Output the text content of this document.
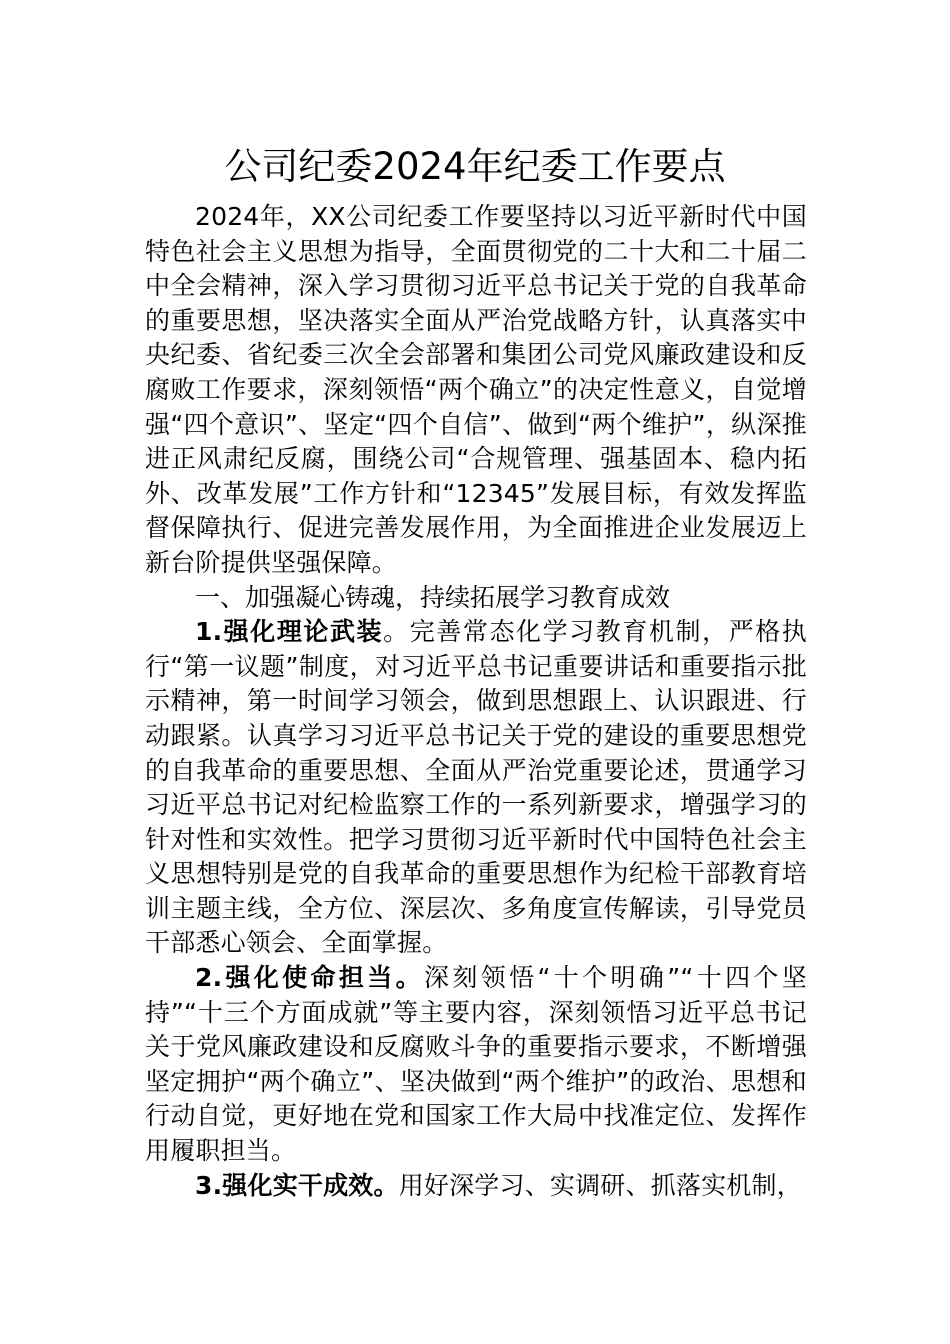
公司纪委2024年纪委工作要点

2024年，XX公司纪委工作要坚持以习近平新时代中国特色社会主义思想为指导，全面贯彻党的二十大和二十届二中全会精神，深入学习贯彻习近平总书记关于党的自我革命的重要思想，坚决落实全面从严治党战略方针，认真落实中央纪委、省纪委三次全会部署和集团公司党风廉政建设和反腐败工作要求，深刻领悟“两个确立”的决定性意义，自觉增强“四个意识”、坚定“四个自信”、做到“两个维护”，纵深推进正风肃纪反腐，围绕公司“合规管理、强基固本、稳内拓外、改革发展”工作方针和“12345”发展目标，有效发挥监督保障执行、促进完善发展作用，为全面推进企业发展迈上新台阶提供坚强保障。

一、加强凝心铸魂，持续拓展学习教育成效

1.强化理论武装。完善常态化学习教育机制，严格执行“第一议题”制度，对习近平总书记重要讲话和重要指示批示精神，第一时间学习领会，做到思想跟上、认识跟进、行动跟紧。认真学习习近平总书记关于党的建设的重要思想党的自我革命的重要思想、全面从严治党重要论述，贯通学习习近平总书记对纪检监察工作的一系列新要求，增强学习的针对性和实效性。把学习贯彻习近平新时代中国特色社会主义思想特别是党的自我革命的重要思想作为纪检干部教育培训主题主线，全方位、深层次、多角度宣传解读，引导党员干部悉心领会、全面掌握。

2.强化使命担当。深刻领悟“十个明确”“十四个坚持”“十三个方面成就”等主要内容，深刻领悟习近平总书记关于党风廉政建设和反腐败斗争的重要指示要求，不断增强坚定拥护“两个确立”、坚决做到“两个维护”的政治、思想和行动自觉，更好地在党和国家工作大局中找准定位、发挥作用履职担当。

3.强化实干成效。用好深学习、实调研、抓落实机制，
